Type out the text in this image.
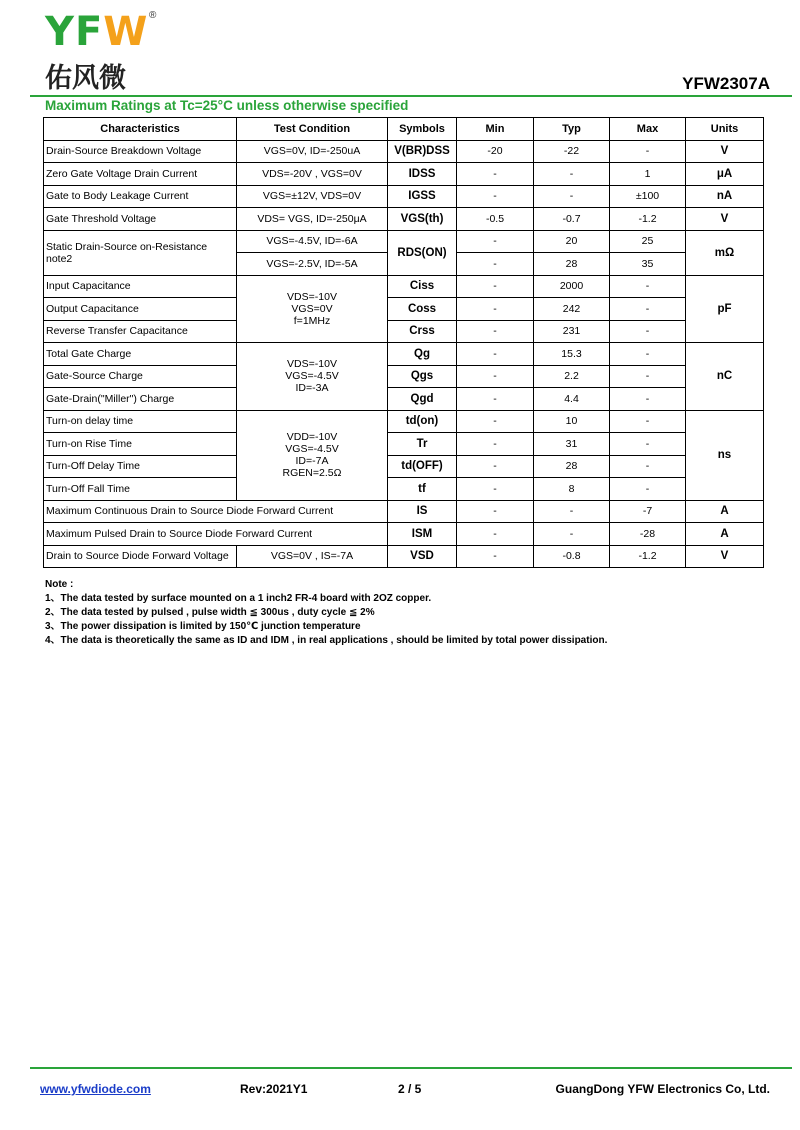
Y F W ®
佑风微	YFW2307A
Maximum Ratings at Tc=25°C unless otherwise specified
Characteristics	Test Condition	Symbols	Min	Typ	Max	Units
Drain-Source Breakdown Voltage	VGS=0V, ID=-250uA	V(BR)DSS	-20	-22	-	V
Zero Gate Voltage Drain Current	VDS=-20V , VGS=0V	IDSS	-	-	1	μA
Gate to Body Leakage Current	VGS=±12V, VDS=0V	IGSS	-	-	±100	nA
Gate Threshold Voltage	VDS= VGS, ID=-250μA	VGS(th)	-0.5	-0.7	-1.2	V

Static Drain-Source on-Resistance
note2	VGS=-4.5V, ID=-6A	RDS(ON)	-	20	25	mΩ
	VGS=-2.5V, ID=-5A		-	28	35	
Input Capacitance	VDS=-10V
VGS=0V
f=1MHz	Ciss	-	2000	-	pF
Output Capacitance		Coss	-	242	-	
Reverse Transfer Capacitance		Crss	-	231	-	
Total Gate Charge	VDS=-10V
VGS=-4.5V
ID=-3A	Qg	-	15.3	-	nC
Gate-Source Charge		Qgs	-	2.2	-	
Gate-Drain("Miller") Charge		Qgd	-	4.4	-	
Turn-on delay time	VDD=-10V
VGS=-4.5V
ID=-7A
RGEN=2.5Ω	td(on)	-	10	-	ns
Turn-on Rise Time		Tr	-	31	-	
Turn-Off Delay Time		td(OFF)	-	28	-	
Turn-Off Fall Time		tf	-	8	-	
Maximum Continuous Drain to Source Diode Forward Current		IS	-	-	-7	A
Maximum Pulsed Drain to Source Diode Forward Current		ISM	-	-	-28	A
Drain to Source Diode Forward Voltage	VGS=0V , IS=-7A	VSD	-	-0.8	-1.2	V
Note :
1、The data tested by surface mounted on a 1 inch2 FR-4 board with 2OZ copper.
2、The data tested by pulsed , pulse width ≦ 300us , duty cycle ≦ 2%
3、The power dissipation is limited by 150℃ junction temperature
4、The data is theoretically the same as ID and IDM , in real applications , should be limited by total power dissipation.
www.yfwdiode.com	Rev:2021Y1	2 / 5	GuangDong YFW Electronics Co, Ltd.
